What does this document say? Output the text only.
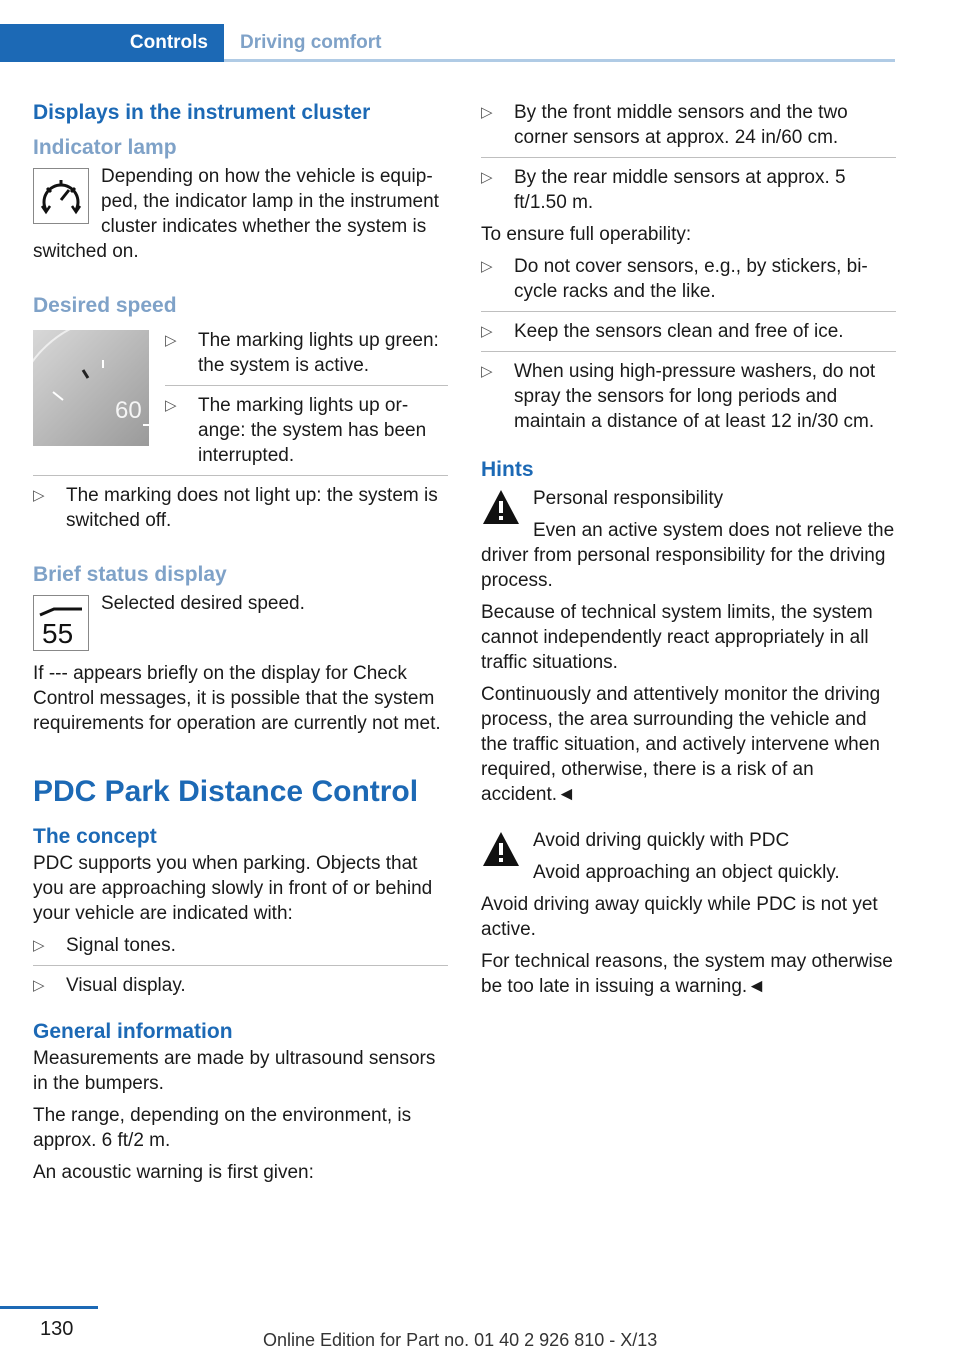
Controls	Driving comfort
Displays in the instrument cluster
Indicator lamp

Depending on how the vehicle is equipped, the indicator lamp in the instrument cluster indicates whether the system is switched on.

Desired speed
60
▷ The marking lights up green: the system is active.
▷ The marking lights up orange: the system has been interrupted.
▷ The marking does not light up: the system is switched off.
Brief status display
55

Selected desired speed.

If --- appears briefly on the display for Check Control messages, it is possible that the system requirements for operation are currently not met.

PDC Park Distance Control
The concept

PDC supports you when parking. Objects that you are approaching slowly in front of or behind your vehicle are indicated with:

▷ Signal tones.
▷ Visual display.
General information

Measurements are made by ultrasound sensors in the bumpers.

The range, depending on the environment, is approx. 6 ft/2 m.

An acoustic warning is first given:

▷ By the front middle sensors and the two corner sensors at approx. 24 in/60 cm.
▷ By the rear middle sensors at approx. 5 ft/1.50 m.

To ensure full operability:

▷ Do not cover sensors, e.g., by stickers, bicycle racks and the like.
▷ Keep the sensors clean and free of ice.
▷ When using high-pressure washers, do not spray the sensors for long periods and maintain a distance of at least 12 in/30 cm.
Hints

Personal responsibility

Even an active system does not relieve the driver from personal responsibility for the driving process.

Because of technical system limits, the system cannot independently react appropriately in all traffic situations.

Continuously and attentively monitor the driving process, the area surrounding the vehicle and the traffic situation, and actively intervene when required, otherwise, there is a risk of an accident.◄

Avoid driving quickly with PDC

Avoid approaching an object quickly.

Avoid driving away quickly while PDC is not yet active.

For technical reasons, the system may otherwise be too late in issuing a warning.◄

130	Online Edition for Part no. 01 40 2 926 810 - X/13
